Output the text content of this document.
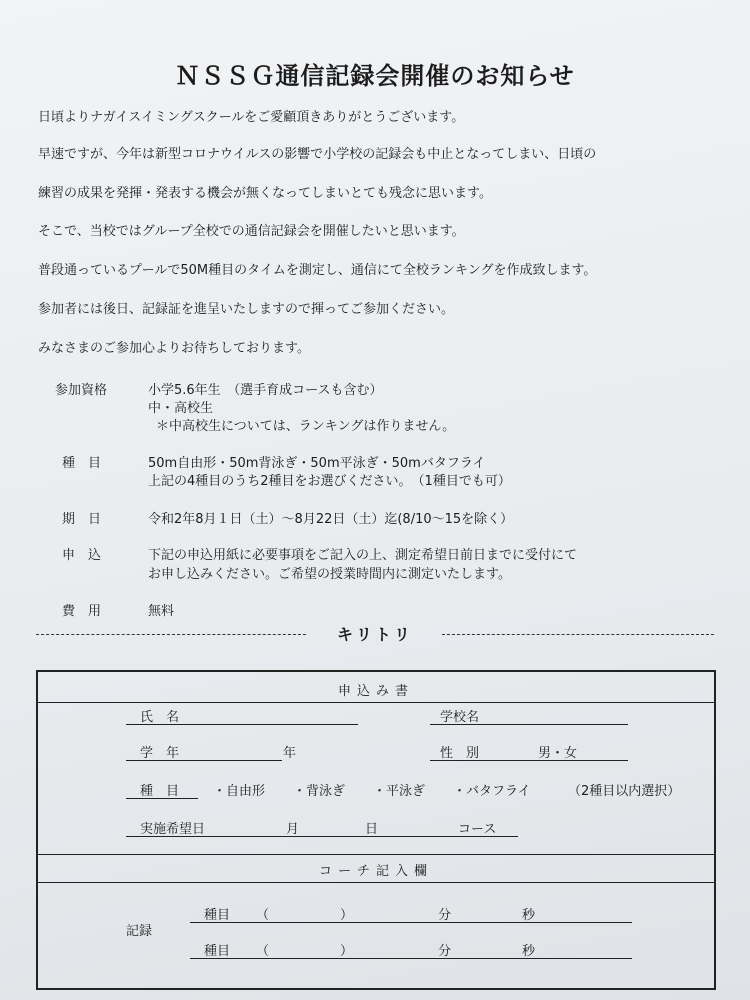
ＮＳＳＧ通信記録会開催のお知らせ
日頃よりナガイスイミングスクールをご愛顧頂きありがとうございます。
早速ですが、今年は新型コロナウイルスの影響で小学校の記録会も中止となってしまい、日頃の
練習の成果を発揮・発表する機会が無くなってしまいとても残念に思います。
そこで、当校ではグループ全校での通信記録会を開催したいと思います。
普段通っているプールで50M種目のタイムを測定し、通信にて全校ランキングを作成致します。
参加者には後日、記録証を進呈いたしますので揮ってご参加ください。
みなさまのご参加心よりお待ちしております。
参加資格	小学5.6年生　（選手育成コースも含む）
中・高校生
＊中高校生については、ランキングは作りません。
種　目	50m自由形・50m背泳ぎ・50m平泳ぎ・50mバタフライ
上記の4種目のうち2種目をお選びください。　（1種目でも可）
期　日	令和2年8月１日（土）～8月22日（土）迄(8/10～15を除く）
申　込	下記の申込用紙に必要事項をご記入の上、測定希望日前日までに受付にて
お申し込みください。ご希望の授業時間内に測定いたします。
費　用	無料
キリトリ
申込み書
氏　名	学校名
学　年	年	性　別	男・女
種　目	・自由形 ・背泳ぎ ・平泳ぎ ・バタフライ	（2種目以内選択）
実施希望日	月	日	コース
コーチ記入欄
記録
種目 （	）	分	秒
種目 （	）	分	秒
